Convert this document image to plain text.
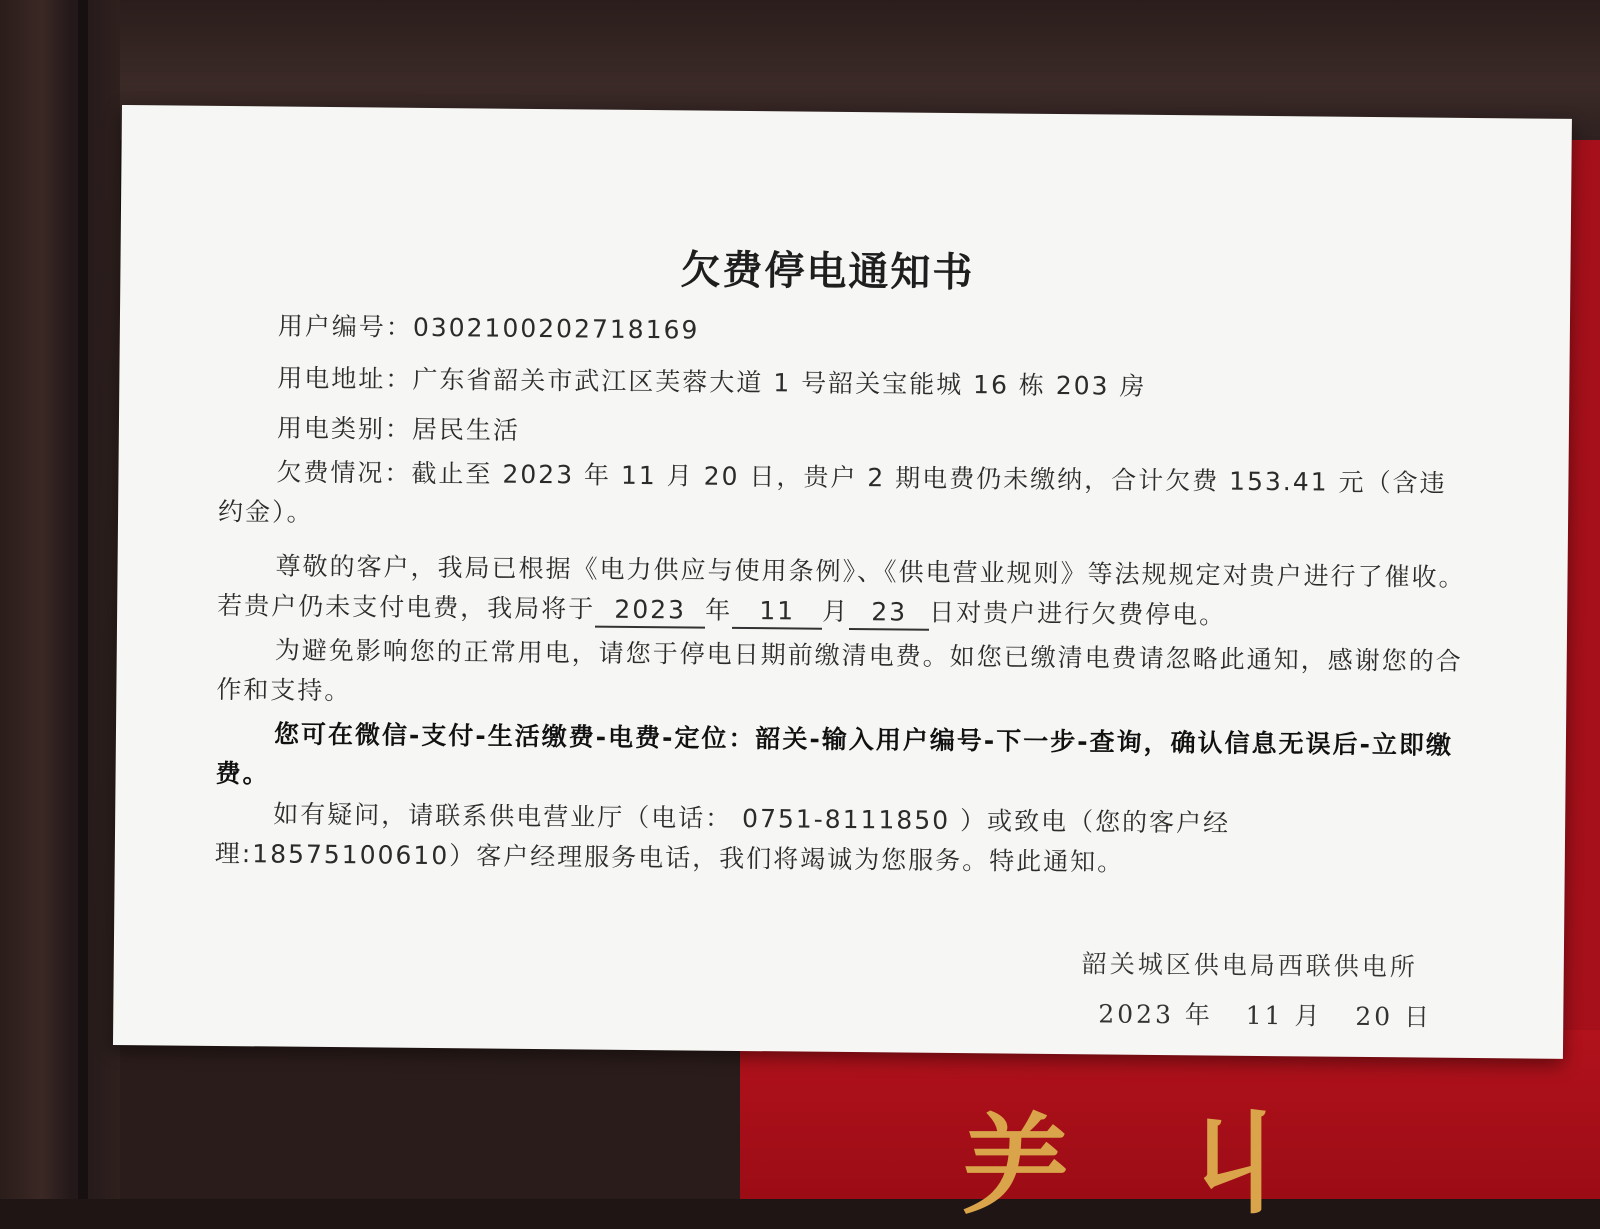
⺶ 丩
欠费停电通知书
用户编号：0302100202718169
用电地址：广东省韶关市武江区芙蓉大道 1 号韶关宝能城 16 栋 203 房
用电类别：居民生活
欠费情况：截止至 2023 年 11 月 20 日，贵户 2 期电费仍未缴纳，合计欠费 153.41 元（含违约金）。
尊敬的客户，我局已根据《电力供应与使用条例》、《供电营业规则》等法规规定对贵户进行了催收。若贵户仍未支付电费，我局将于 2023 年 11 月 23 日对贵户进行欠费停电。
为避免影响您的正常用电，请您于停电日期前缴清电费。如您已缴清电费请忽略此通知，感谢您的合作和支持。
您可在微信-支付-生活缴费-电费-定位：韶关-输入用户编号-下一步-查询，确认信息无误后-立即缴费。
如有疑问，请联系供电营业厅（电话： 0751-8111850 ）或致电（您的客户经理:18575100610）客户经理服务电话，我们将竭诚为您服务。特此通知。
韶关城区供电局西联供电所
2023 年 11 月 20 日
